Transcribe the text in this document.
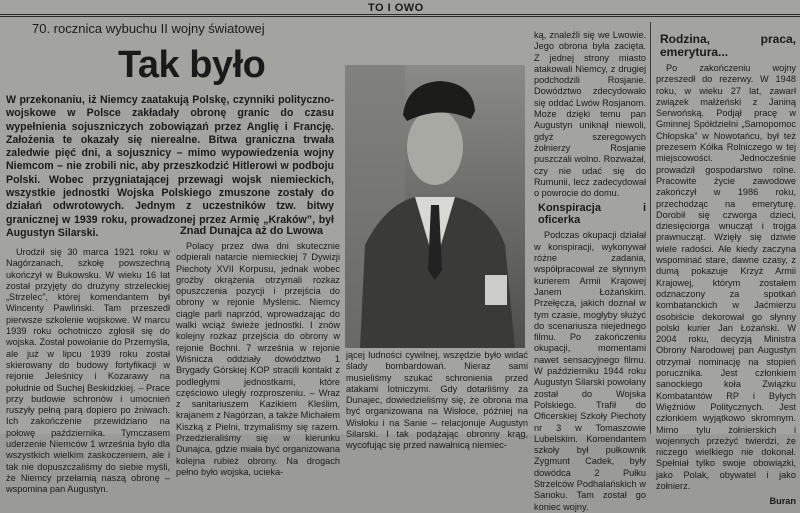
TO I OWO
70. rocznica wybuchu II wojny światowej
Tak było
W przekonaniu, iż Niemcy zaatakują Polskę, czynniki polityczno-wojskowe w Polsce zakładały obronę granic do czasu wypełnienia sojuszniczych zobowiązań przez Anglię i Francję. Założenia te okazały się nierealne. Bitwa graniczna trwała zaledwie pięć dni, a sojusznicy – mimo wypowiedzenia wojny Niemcom – nie zrobili nic, aby przeszkodzić Hitlerowi w podboju Polski. Wobec przygniatającej przewagi wojsk niemieckich, wszystkie jednostki Wojska Polskiego zmuszone zostały do działań odwrotowych. Jednym z uczestników tzw. bitwy granicznej w 1939 roku, prowadzonej przez Armię „Kraków”, był Augustyn Silarski.

Urodził się 30 marca 1921 roku w Nagórzanach, szkołę powszechną ukończył w Bukowsku. W wieku 16 lat został przyjęty do drużyny strzeleckiej „Strzelec”, której komendantem był Wincenty Pawliński. Tam przeszedł pierwsze szkolenie wojskowe. W marcu 1939 roku ochotniczo zgłosił się do wojska. Został powołanie do Przemyśla, ale już w lipcu 1939 roku został skierowany do budowy fortyfikacji w rejonie Jeleśnicy i Kozarawy na południe od Suchej Beskidzkiej. – Prace przy budowie schronów i umocnień ruszyły pełną parą dopiero po żniwach. Ich zakończenie przewidziano na połowę października. Tymczasem uderzenie Niemców 1 września było dla wszystkich wielkim zaskoczeniem, ale i tak nie dopuszczaliśmy do siebie myśli, że Niemcy przełamią naszą obronę – wspomina pan Augustyn.

Znad Dunajca aż do Lwowa

Polacy przez dwa dni skutecznie odpierali natarcie niemieckiej 7 Dywizji Piechoty XVII Korpusu, jednak wobec groźby okrążenia otrzymali rozkaz opuszczenia pozycji i przejścia do obrony w rejonie Myślenic. Niemcy ciągle parli naprzód, wprowadzając do walki wciąż świeże jednostki. I znów kolejny rozkaz przejścia do obrony w rejonie Bochni. 7 września w rejonie Wiśnicza oddziały dowództwo 1 Brygady Górskiej KOP stracili kontakt z podległymi jednostkami, które częściowo uległy rozproszeniu. – Wraz z sanitariuszem Kazikiem Kleślim, krajanem z Nagórzan, a także Michałem Kiszką z Pielni, trzymaliśmy się razem. Przedzieraliśmy się w kierunku Dunajca, gdzie miała być organizowana kolejna rubież obrony. Na drogach pełno było wojska, ucieka-

jącej ludności cywilnej, wszędzie było widać ślady bombardowań. Nieraz sami musieliśmy szukać schronienia przed atakami lotniczymi. Gdy dotarliśmy za Dunajec, dowiedzieliśmy się, że obrona ma być organizowana na Wisłoce, później na Wisłoku i na Sanie – relacjonuje Augustyn Silarski. I tak podążając obronny krąg, wycofując się przed nawałnicą niemiec-

ką, znaleźli się we Lwowie. Jego obrona była zacięta. Z jednej strony miasto atakowali Niemcy, z drugiej podchodzili Rosjanie. Dowództwo zdecydowało się oddać Lwów Rosjanom. Może dzięki temu pan Augustyn uniknął niewoli, gdyż szeregowych żołnierzy Rosjanie puszczali wolno. Rozważał, czy nie udać się do Rumunii, lecz zadecydował o powrocie do domu.

Konspiracja i oficerka

Podczas okupacji działał w konspiracji, wykonywał różne zadania, współpracował ze słynnym kurierem Armii Krajowej Janem Łożańskim. Przełęcza, jakich doznał w tym czasie, mogłyby służyć do scenariusza niejednego filmu. Po zakończeniu okupacji, momentami nawet sensacyjnego filmu. W październiku 1944 roku Augustyn Silarski powołany został do Wojska Polskiego. Trafił do Oficerskiej Szkoły Piechoty nr 3 w Tomaszowie Lubelskim. Komendantem szkoły był pułkownik Zygmunt Cadek, były dowódca 2 Pułku Strzelców Podhalańskich w Sanoku. Tam został go koniec wojny.

Rodzina, praca, emerytura...

Po zakończeniu wojny przeszedł do rezerwy. W 1948 roku, w wieku 27 lat, zawarł związek małżeński z Janiną Serwońską. Podjął pracę w Gminnej Spółdzielni „Samopomoc Chłopska” w Nowotańcu, był też prezesem Kółka Rolniczego w tej miejscowości. Jednocześnie prowadził gospodarstwo rolne. Pracowite życie zawodowe zakończył w 1986 roku, przechodząc na emeryturę. Dorobił się czworga dzieci, dziesięciorga wnucząt i trojga prawnucząt. Wzięły się dziwie wiele radości. Ale kiedy zaczyna wspominać stare, dawne czasy, z dumą pokazuje Krzyż Armii Krajowej, którym zostałem odznaczony za spotkań kombatanckich w Jaćmierzu osobiście dekorował go słynny polski kurier Jan Łożański. W 2004 roku, decyzją Ministra Obrony Narodowej pan Augustyn otrzymał nominację na stopień porucznika. Jest członkiem sanockiego koła Związku Kombatantów RP i Byłych Więźniów Politycznych. Jest członkiem wyjątkowo skromnym. Mimo tylu żołnierskich i wojennych przeżyć twierdzi, że niczego wielkiego nie dokonał. Spełniał tylko swoje obowiązki, jako Polak, obywatel i jako żołnierz.

Buran
